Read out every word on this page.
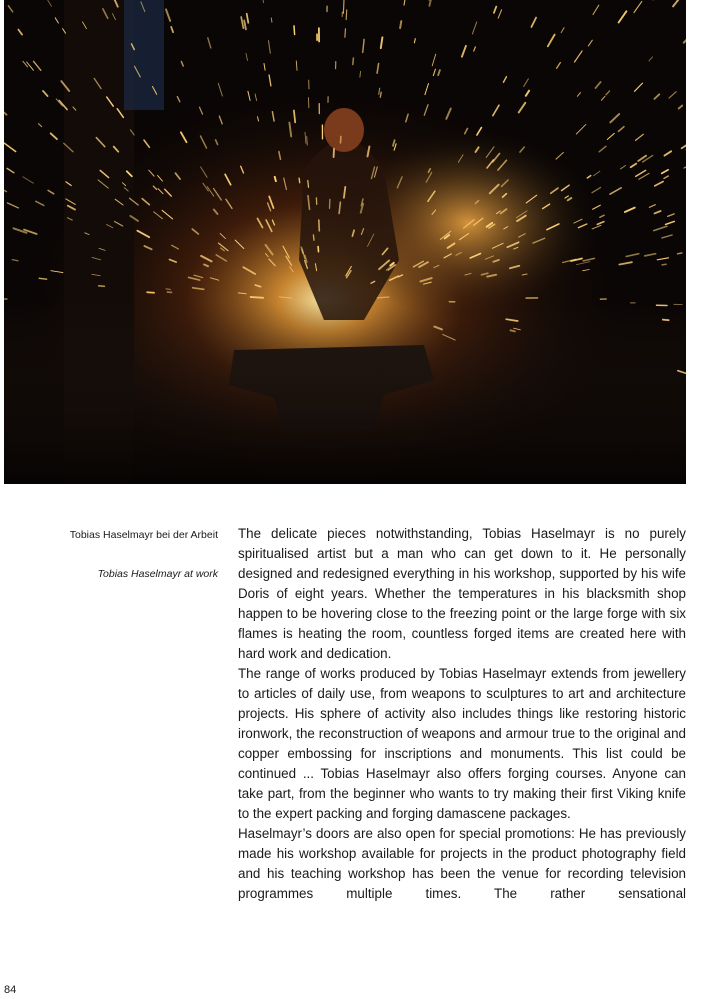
Tobias Haselmayr bei der Arbeit
Tobias Haselmayr at work

The delicate pieces notwithstanding, Tobias Haselmayr is no purely spiritualised artist but a man who can get down to it. He personally designed and redesigned everything in his workshop, supported by his wife Doris of eight years. Whether the temperatures in his blacksmith shop happen to be hovering close to the freezing point or the large forge with six flames is heating the room, countless forged items are created here with hard work and dedication.

The range of works produced by Tobias Haselmayr extends from jewellery to articles of daily use, from weapons to sculptures to art and architecture projects. His sphere of activity also includes things like restoring historic ironwork, the reconstruction of weapons and armour true to the original and copper embossing for inscriptions and monuments. This list could be continued ... Tobias Haselmayr also offers forging courses. Anyone can take part, from the beginner who wants to try making their first Viking knife to the expert packing and forging damascene packages.

Haselmayr’s doors are also open for special promotions: He has previously made his workshop available for projects in the product photography field and his teaching workshop has been the venue for recording television programmes multiple times. The rather sensational

84
